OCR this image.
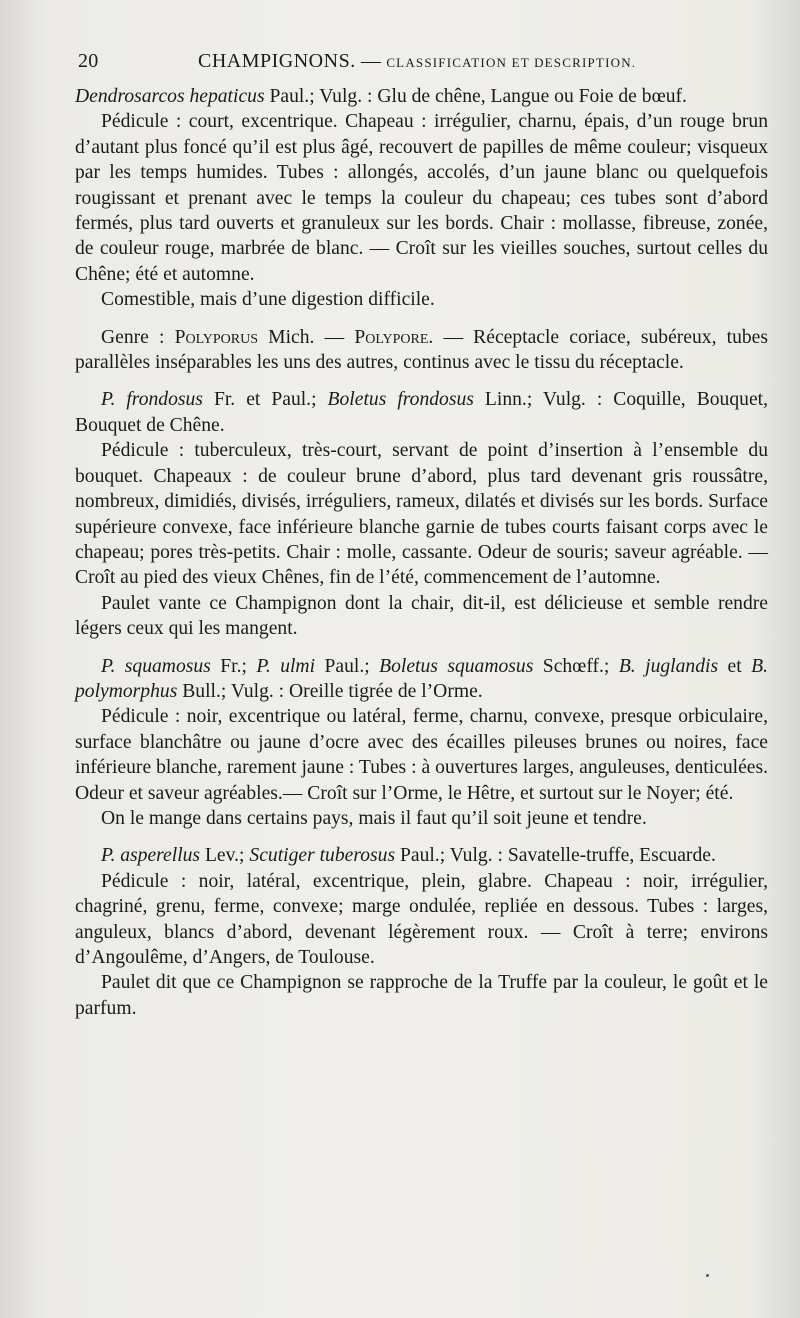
20	CHAMPIGNONS. — CLASSIFICATION ET DESCRIPTION.

Dendrosarcos hepaticus Paul.; Vulg. : Glu de chêne, Langue ou Foie de bœuf.

Pédicule : court, excentrique. Chapeau : irrégulier, charnu, épais, d’un rouge brun d’autant plus foncé qu’il est plus âgé, recouvert de papilles de même couleur; visqueux par les temps humides. Tubes : allongés, accolés, d’un jaune blanc ou quelquefois rougissant et prenant avec le temps la couleur du chapeau; ces tubes sont d’abord fermés, plus tard ouverts et granuleux sur les bords. Chair : mollasse, fibreuse, zonée, de couleur rouge, marbrée de blanc. — Croît sur les vieilles souches, surtout celles du Chêne; été et automne.

Comestible, mais d’une digestion difficile.

Genre : Polyporus Mich. — Polypore. — Réceptacle coriace, subéreux, tubes parallèles inséparables les uns des autres, continus avec le tissu du réceptacle.

P. frondosus Fr. et Paul.; Boletus frondosus Linn.; Vulg. : Coquille, Bouquet, Bouquet de Chêne.

Pédicule : tuberculeux, très-court, servant de point d’insertion à l’ensemble du bouquet. Chapeaux : de couleur brune d’abord, plus tard devenant gris roussâtre, nombreux, dimidiés, divisés, irréguliers, rameux, dilatés et divisés sur les bords. Surface supérieure convexe, face inférieure blanche garnie de tubes courts faisant corps avec le chapeau; pores très-petits. Chair : molle, cassante. Odeur de souris; saveur agréable. — Croît au pied des vieux Chênes, fin de l’été, commencement de l’automne.

Paulet vante ce Champignon dont la chair, dit-il, est délicieuse et semble rendre légers ceux qui les mangent.

P. squamosus Fr.; P. ulmi Paul.; Boletus squamosus Schœff.; B. juglandis et B. polymorphus Bull.; Vulg. : Oreille tigrée de l’Orme.

Pédicule : noir, excentrique ou latéral, ferme, charnu, convexe, presque orbiculaire, surface blanchâtre ou jaune d’ocre avec des écailles pileuses brunes ou noires, face inférieure blanche, rarement jaune : Tubes : à ouvertures larges, anguleuses, denticulées. Odeur et saveur agréables.— Croît sur l’Orme, le Hêtre, et surtout sur le Noyer; été.

On le mange dans certains pays, mais il faut qu’il soit jeune et tendre.

P. asperellus Lev.; Scutiger tuberosus Paul.; Vulg. : Savatelle-truffe, Escuarde.

Pédicule : noir, latéral, excentrique, plein, glabre. Chapeau : noir, irrégulier, chagriné, grenu, ferme, convexe; marge ondulée, repliée en dessous. Tubes : larges, anguleux, blancs d’abord, devenant légèrement roux. — Croît à terre; environs d’Angoulême, d’Angers, de Toulouse.

Paulet dit que ce Champignon se rapproche de la Truffe par la couleur, le goût et le parfum.
